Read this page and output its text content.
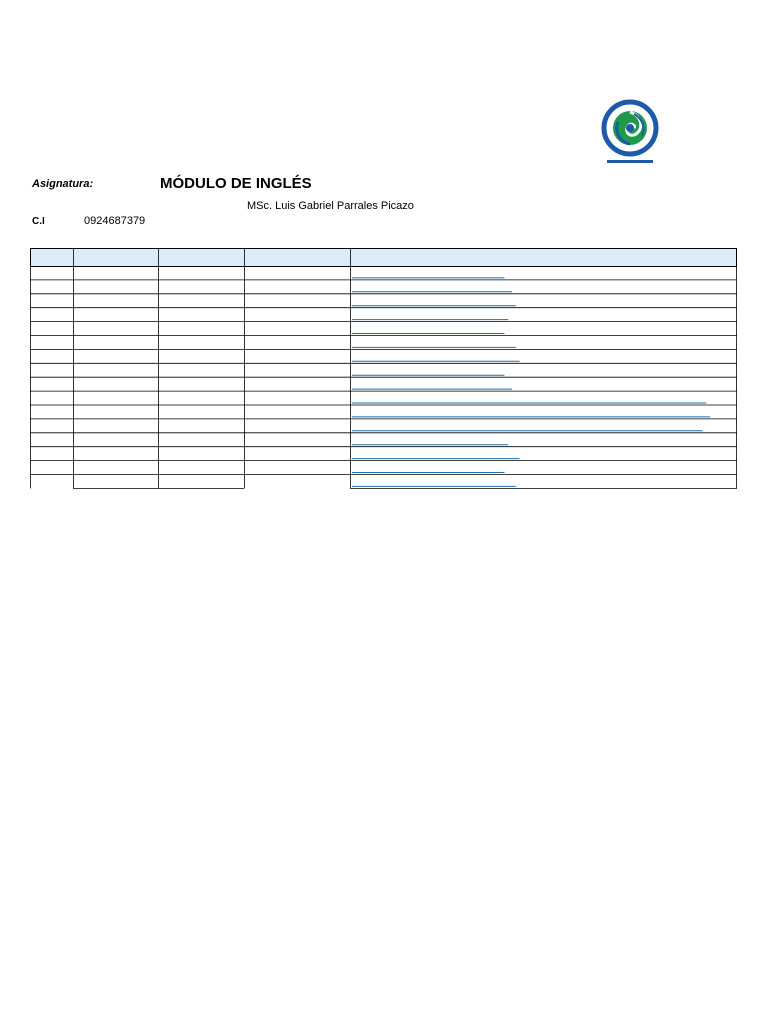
Asignatura:	MÓDULO DE INGLÉS
MSc. Luis Gabriel Parrales Picazo
C.I	0924687379
